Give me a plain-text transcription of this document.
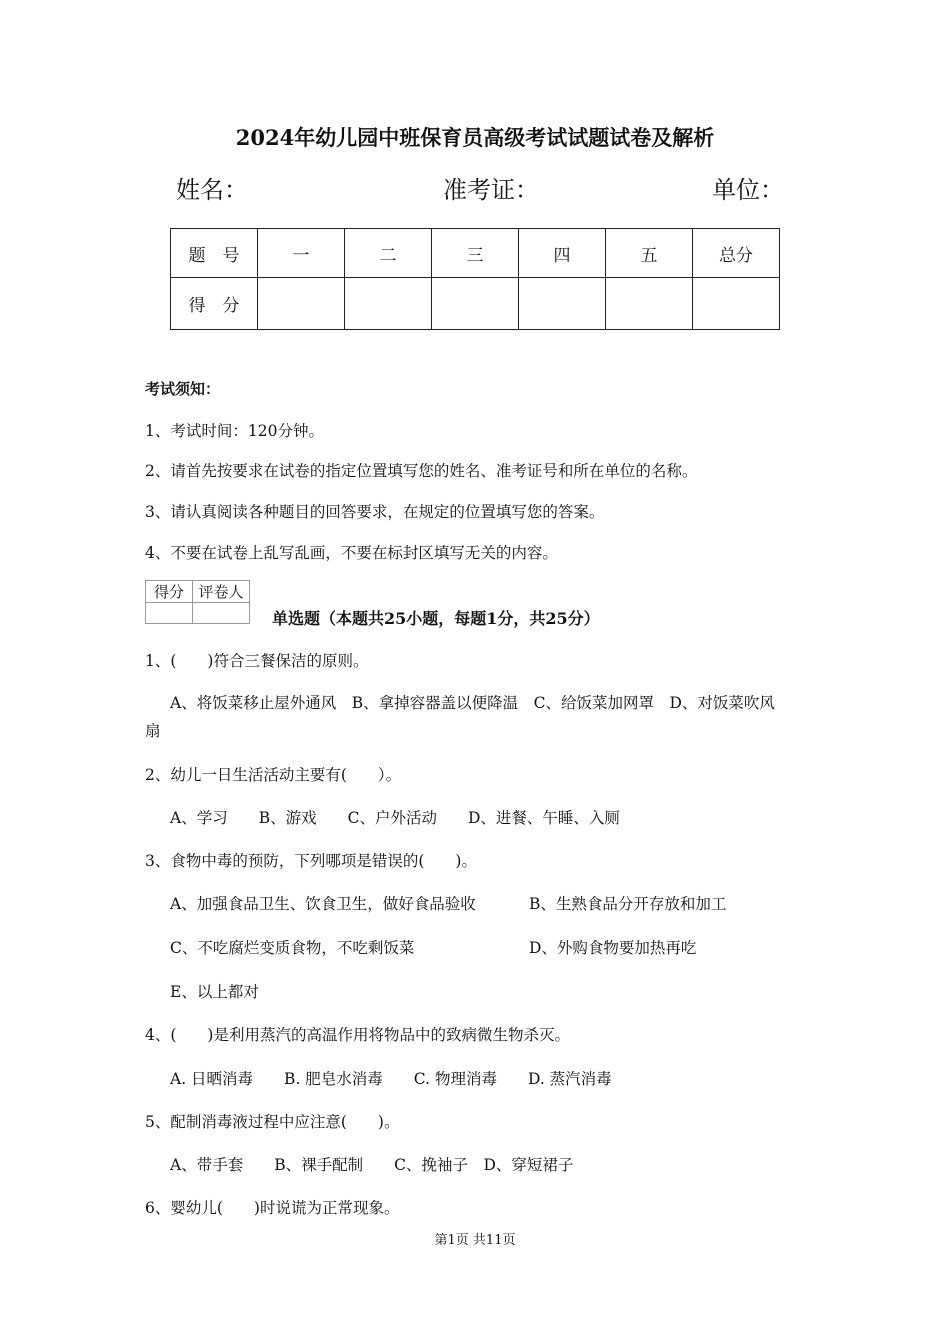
2024年幼儿园中班保育员高级考试试题试卷及解析
姓名：	准考证：	单位：
题　号	一	二	三	四	五	总分
得　分						
考试须知：
1、考试时间：120分钟。
2、请首先按要求在试卷的指定位置填写您的姓名、准考证号和所在单位的名称。
3、请认真阅读各种题目的回答要求，在规定的位置填写您的答案。
4、不要在试卷上乱写乱画，不要在标封区填写无关的内容。
得分	评卷人

单选题（本题共25小题，每题1分，共25分）
1、(　　)符合三餐保洁的原则。
A、将饭菜移止屋外通风　B、拿掉容器盖以便降温　C、给饭菜加网罩　D、对饭菜吹风
扇
2、幼儿一日生活活动主要有(　　）。
A、学习　　B、游戏　　C、户外活动　　D、进餐、午睡、入厕
3、食物中毒的预防，下列哪项是错误的(　　)。
A、加强食品卫生、饮食卫生，做好食品验收	B、生熟食品分开存放和加工
C、不吃腐烂变质食物，不吃剩饭菜	D、外购食物要加热再吃
E、以上都对
4、(　　)是利用蒸汽的高温作用将物品中的致病微生物杀灭。
A. 日晒消毒　　B. 肥皂水消毒　　C. 物理消毒　　D. 蒸汽消毒
5、配制消毒液过程中应注意(　　)。
A、带手套　　B、裸手配制　　C、挽袖子　D、穿短裙子
6、婴幼儿(　　)时说谎为正常现象。
第1页 共11页
